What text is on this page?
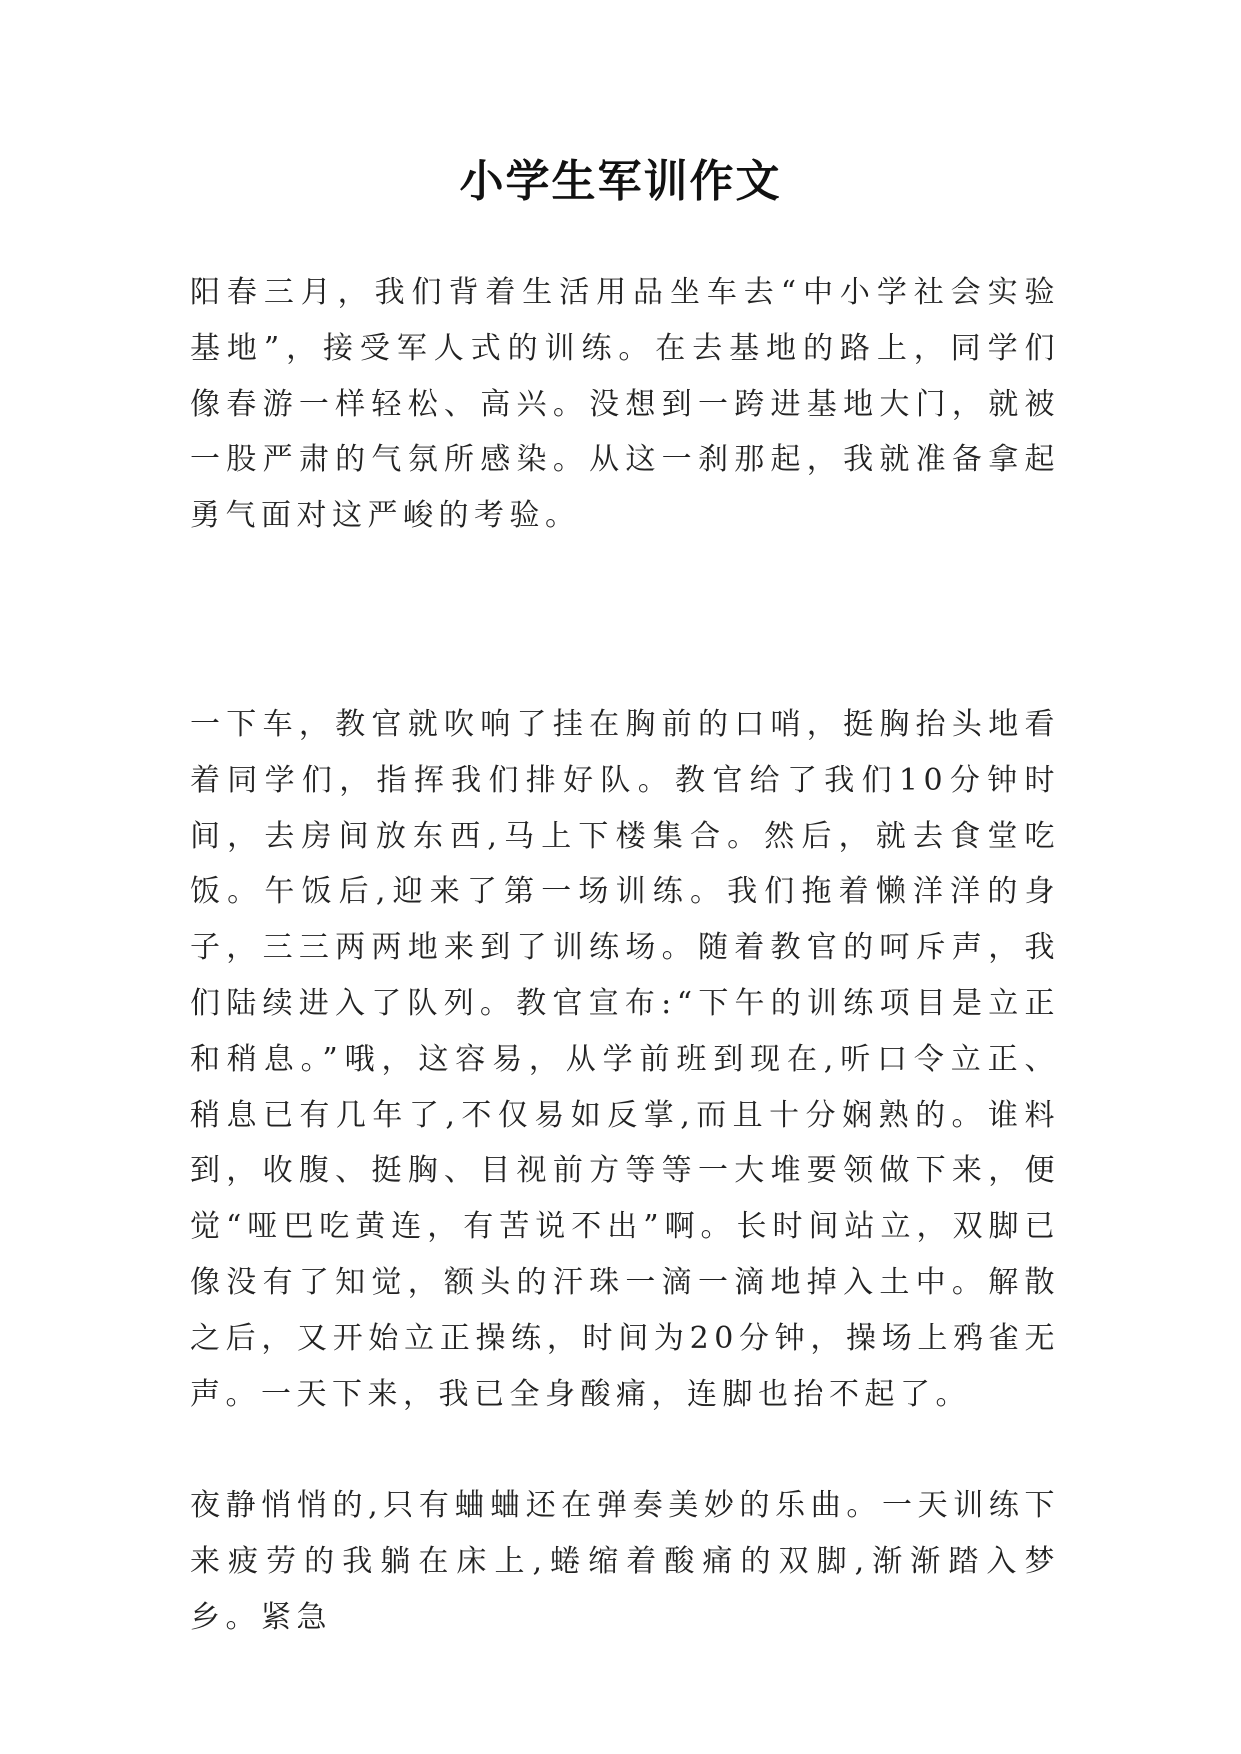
小学生军训作文

阳春三月，我们背着生活用品坐车去“中小学社会实验基地”，接受军人式的训练。在去基地的路上，同学们像春游一样轻松、高兴。没想到一跨进基地大门，就被一股严肃的气氛所感染。从这一刹那起，我就准备拿起勇气面对这严峻的考验。

一下车，教官就吹响了挂在胸前的口哨，挺胸抬头地看着同学们，指挥我们排好队。教官给了我们10分钟时间，去房间放东西,马上下楼集合。然后，就去食堂吃饭。午饭后,迎来了第一场训练。我们拖着懒洋洋的身子，三三两两地来到了训练场。随着教官的呵斥声，我们陆续进入了队列。教官宣布:“下午的训练项目是立正和稍息。”哦，这容易，从学前班到现在,听口令立正、稍息已有几年了,不仅易如反掌,而且十分娴熟的。谁料到，收腹、挺胸、目视前方等等一大堆要领做下来，便觉“哑巴吃黄连，有苦说不出”啊。长时间站立，双脚已像没有了知觉，额头的汗珠一滴一滴地掉入土中。解散之后，又开始立正操练，时间为20分钟，操场上鸦雀无声。一天下来，我已全身酸痛，连脚也抬不起了。

夜静悄悄的,只有蛐蛐还在弹奏美妙的乐曲。一天训练下来疲劳的我躺在床上,蜷缩着酸痛的双脚,渐渐踏入梦乡。紧急
